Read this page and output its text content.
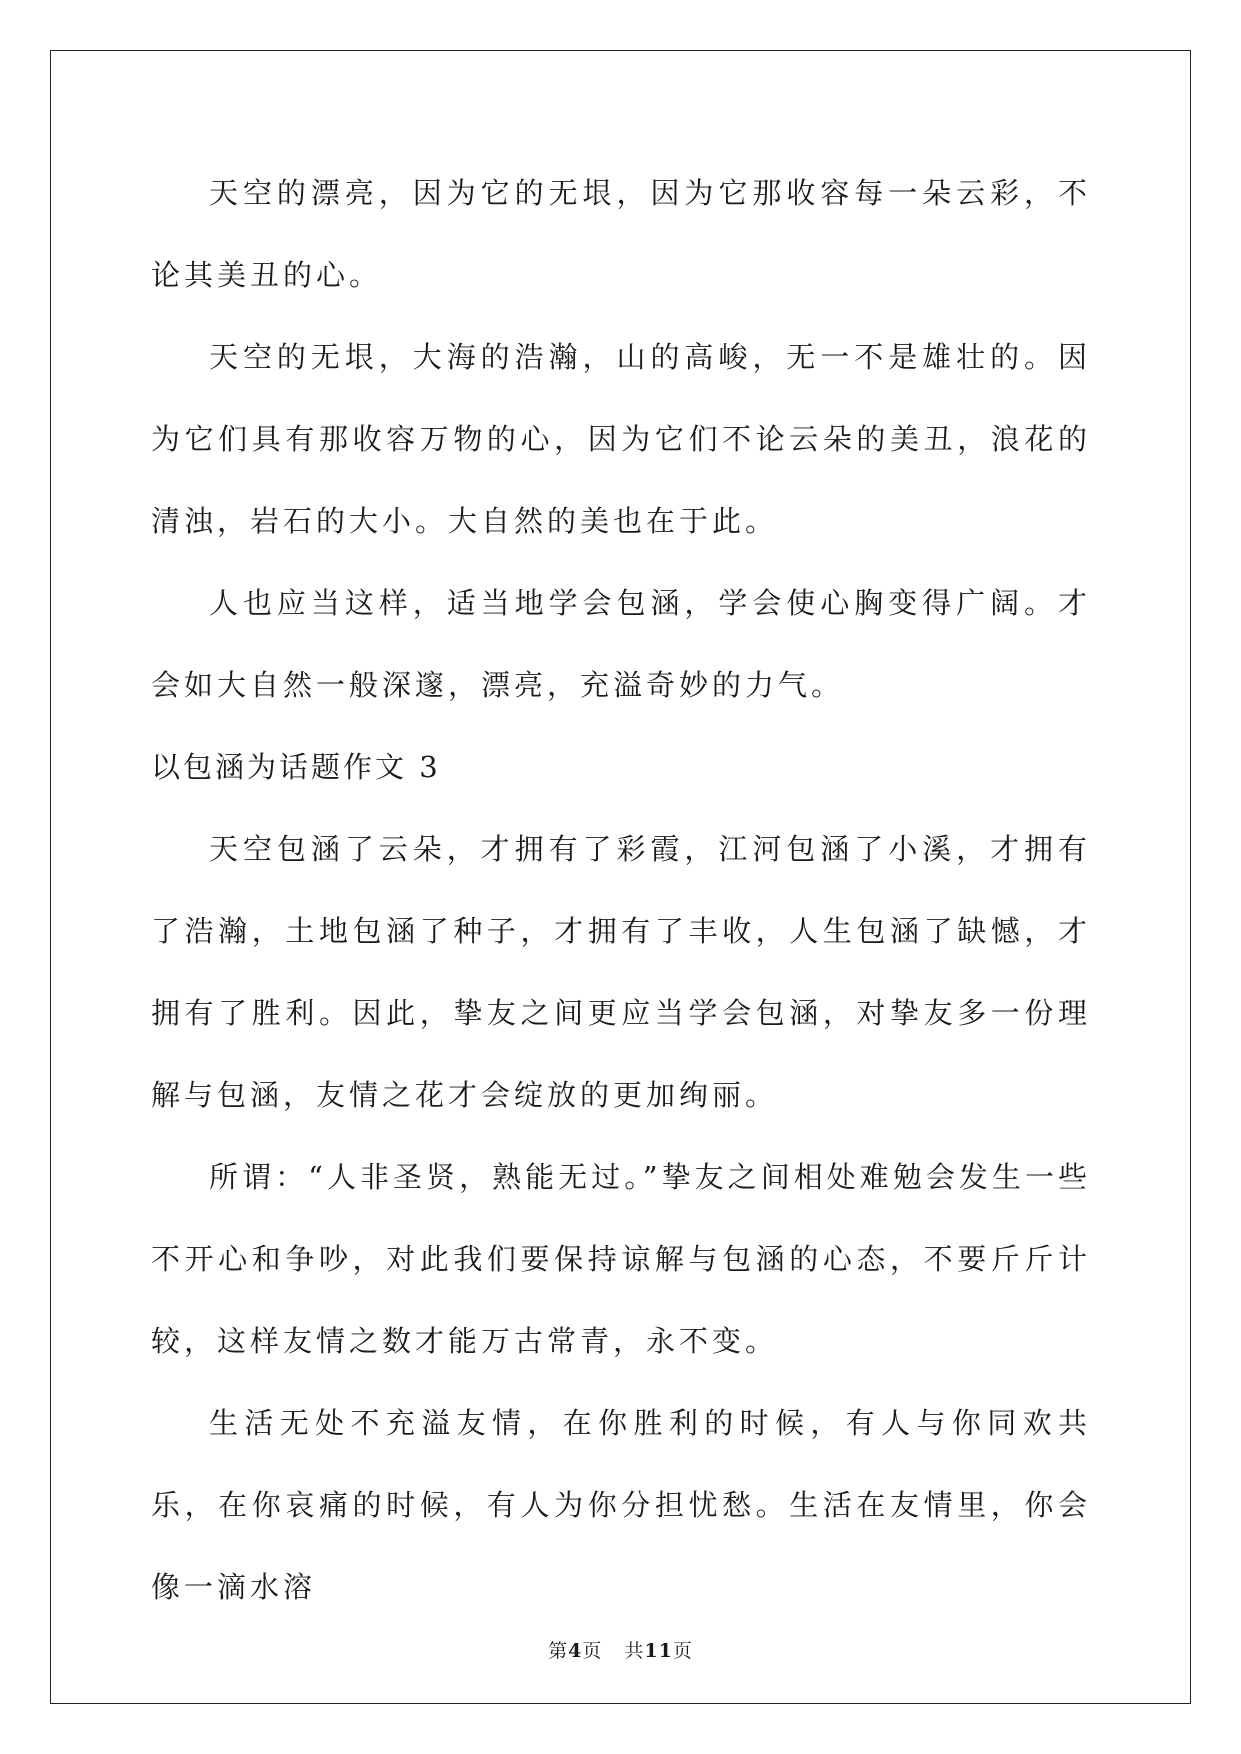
天空的漂亮，因为它的无垠，因为它那收容每一朵云彩，不论其美丑的心。

天空的无垠，大海的浩瀚，山的高峻，无一不是雄壮的。因为它们具有那收容万物的心，因为它们不论云朵的美丑，浪花的清浊，岩石的大小。大自然的美也在于此。

人也应当这样，适当地学会包涵，学会使心胸变得广阔。才会如大自然一般深邃，漂亮，充溢奇妙的力气。

以包涵为话题作文 3

天空包涵了云朵，才拥有了彩霞，江河包涵了小溪，才拥有了浩瀚，土地包涵了种子，才拥有了丰收，人生包涵了缺憾，才拥有了胜利。因此，挚友之间更应当学会包涵，对挚友多一份理解与包涵，友情之花才会绽放的更加绚丽。

所谓：“人非圣贤，熟能无过。”挚友之间相处难勉会发生一些不开心和争吵，对此我们要保持谅解与包涵的心态，不要斤斤计较，这样友情之数才能万古常青，永不变。

生活无处不充溢友情，在你胜利的时候，有人与你同欢共乐，在你哀痛的时候，有人为你分担忧愁。生活在友情里，你会像一滴水溶

第4页 共11页
